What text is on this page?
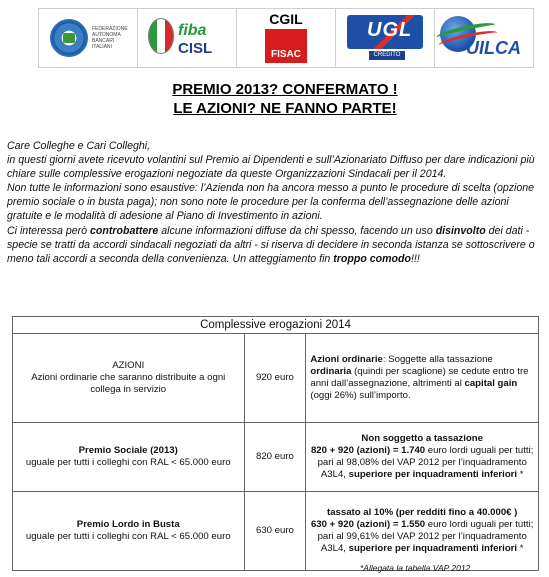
FEDERAZIONE AUTONOMA BANCARI ITALIANI
fiba
CISL
CGIL
FISAC
UGL
CREDITO	UILCA
PREMIO 2013? CONFERMATO !
LE AZIONI? NE FANNO PARTE!

Care Colleghe e Cari Colleghi,

in questi giorni avete ricevuto volantini sul Premio ai Dipendenti e sull’Azionariato Diffuso per dare indicazioni più chiare sulle complessive erogazioni negoziate da queste Organizzazioni Sindacali per il 2014.

Non tutte le informazioni sono esaustive: l’Azienda non ha ancora messo a punto le procedure di scelta (opzione premio sociale o in busta paga); non sono note le procedure per la conferma dell’assegnazione delle azioni gratuite e le modalità di adesione al Piano di Investimento in azioni.

Ci interessa però controbattere alcune informazioni diffuse da chi spesso, facendo un uso disinvolto dei dati - specie se tratti da accordi sindacali negoziati da altri - si riserva di decidere in seconda istanza se sottoscrivere o meno tali accordi a seconda della convenienza. Un atteggiamento fin troppo comodo!!!

Complessive erogazioni 2014		

AZIONI
Azioni ordinarie che saranno distribuite a ogni collega in servizio	920 euro	Azioni ordinarie: Soggette alla tassazione ordinaria (quindi per scaglione) se cedute entro tre anni dall’assegnazione, altrimenti al capital gain (oggi 26%) sull’importo.

Premio Sociale (2013)
uguale per tutti i colleghi con RAL < 65.000 euro	820 euro	Non soggetto a tassazione
820 + 920 (azioni) = 1.740 euro lordi uguali per tutti;
pari al 98,08% del VAP 2012 per l’inquadramento A3L4, superiore per inquadramenti inferiori *

Premio Lordo in Busta
uguale per tutti i colleghi con RAL < 65.000 euro	630 euro	tassato al 10% (per redditi fino a 40.000€ )
630 + 920 (azioni) = 1.550 euro lordi uguali per tutti;
pari al 99,61% del VAP 2012 per l’inquadramento A3L4, superiore per inquadramenti inferiori *
*Allegata la tabella VAP 2012
